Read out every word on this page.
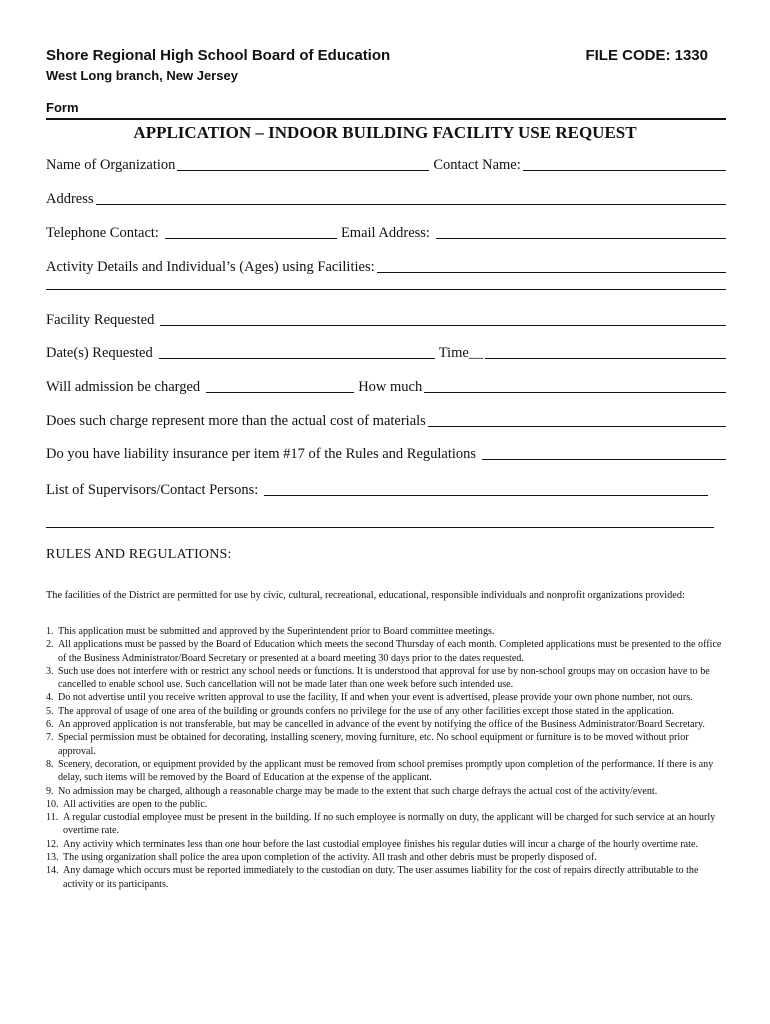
Shore Regional High School Board of Education
West Long branch, New Jersey
FILE CODE: 1330
Form
APPLICATION – INDOOR BUILDING FACILITY USE REQUEST
Name of Organization	Contact Name:
Address
Telephone Contact:	Email Address:
Activity Details and Individual’s (Ages) using Facilities:
Facility Requested
Date(s) Requested	Time__
Will admission be charged	How much
Does such charge represent more than the actual cost of materials
Do you have liability insurance per item #17 of the Rules and Regulations
List of Supervisors/Contact Persons:
RULES AND REGULATIONS:
The facilities of the District are permitted for use by civic, cultural, recreational, educational, responsible individuals and nonprofit organizations provided:
1. This application must be submitted and approved by the Superintendent prior to Board committee meetings.
2. All applications must be passed by the Board of Education which meets the second Thursday of each month. Completed applications must be presented to the office of the Business Administrator/Board Secretary or presented at a board meeting 30 days prior to the dates requested.
3. Such use does not interfere with or restrict any school needs or functions. It is understood that approval for use by non-school groups may on occasion have to be cancelled to enable school use. Such cancellation will not be made later than one week before such intended use.
4. Do not advertise until you receive written approval to use the facility, If and when your event is advertised, please provide your own phone number, not ours.
5. The approval of usage of one area of the building or grounds confers no privilege for the use of any other facilities except those stated in the application.
6. An approved application is not transferable, but may be cancelled in advance of the event by notifying the office of the Business Administrator/Board Secretary.
7. Special permission must be obtained for decorating, installing scenery, moving furniture, etc. No school equipment or furniture is to be moved without prior approval.
8. Scenery, decoration, or equipment provided by the applicant must be removed from school premises promptly upon completion of the performance. If there is any delay, such items will be removed by the Board of Education at the expense of the applicant.
9. No admission may be charged, although a reasonable charge may be made to the extent that such charge defrays the actual cost of the activity/event.
10. All activities are open to the public.
11. A regular custodial employee must be present in the building. If no such employee is normally on duty, the applicant will be charged for such service at an hourly overtime rate.
12. Any activity which terminates less than one hour before the last custodial employee finishes his regular duties will incur a charge of the hourly overtime rate.
13. The using organization shall police the area upon completion of the activity. All trash and other debris must be properly disposed of.
14. Any damage which occurs must be reported immediately to the custodian on duty. The user assumes liability for the cost of repairs directly attributable to the activity or its participants.
